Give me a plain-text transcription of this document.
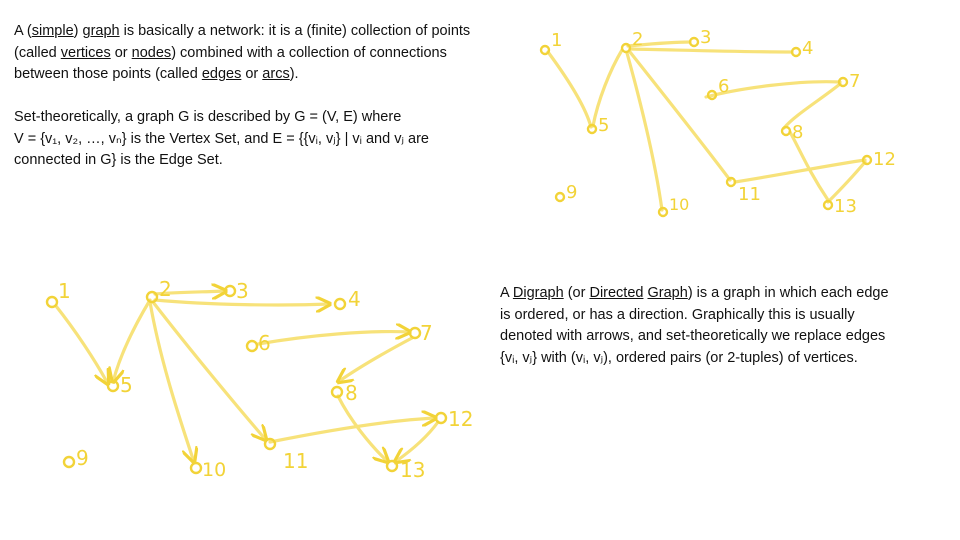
A (simple) graph is basically a network: it is a (finite) collection of points (called vertices or nodes) combined with a collection of connections between those points (called edges or arcs).

Set-theoretically, a graph G is described by G = (V, E) where
V = {v₁, v₂, …, vₙ} is the Vertex Set, and E = {{vᵢ, vⱼ} | vᵢ and vⱼ are
connected in G} is the Edge Set.

A Digraph (or Directed Graph) is a graph in which each edge is ordered, or has a direction. Graphically this is usually denoted with arrows, and set-theoretically we replace edges {vᵢ, vⱼ} with (vᵢ, vⱼ), ordered pairs (or 2-tuples) of vertices.

1	2	3
4
5
6	7
8
9
10	11
12
13
1	2	3	4
5
6	7
8
9	10	11
12
13
